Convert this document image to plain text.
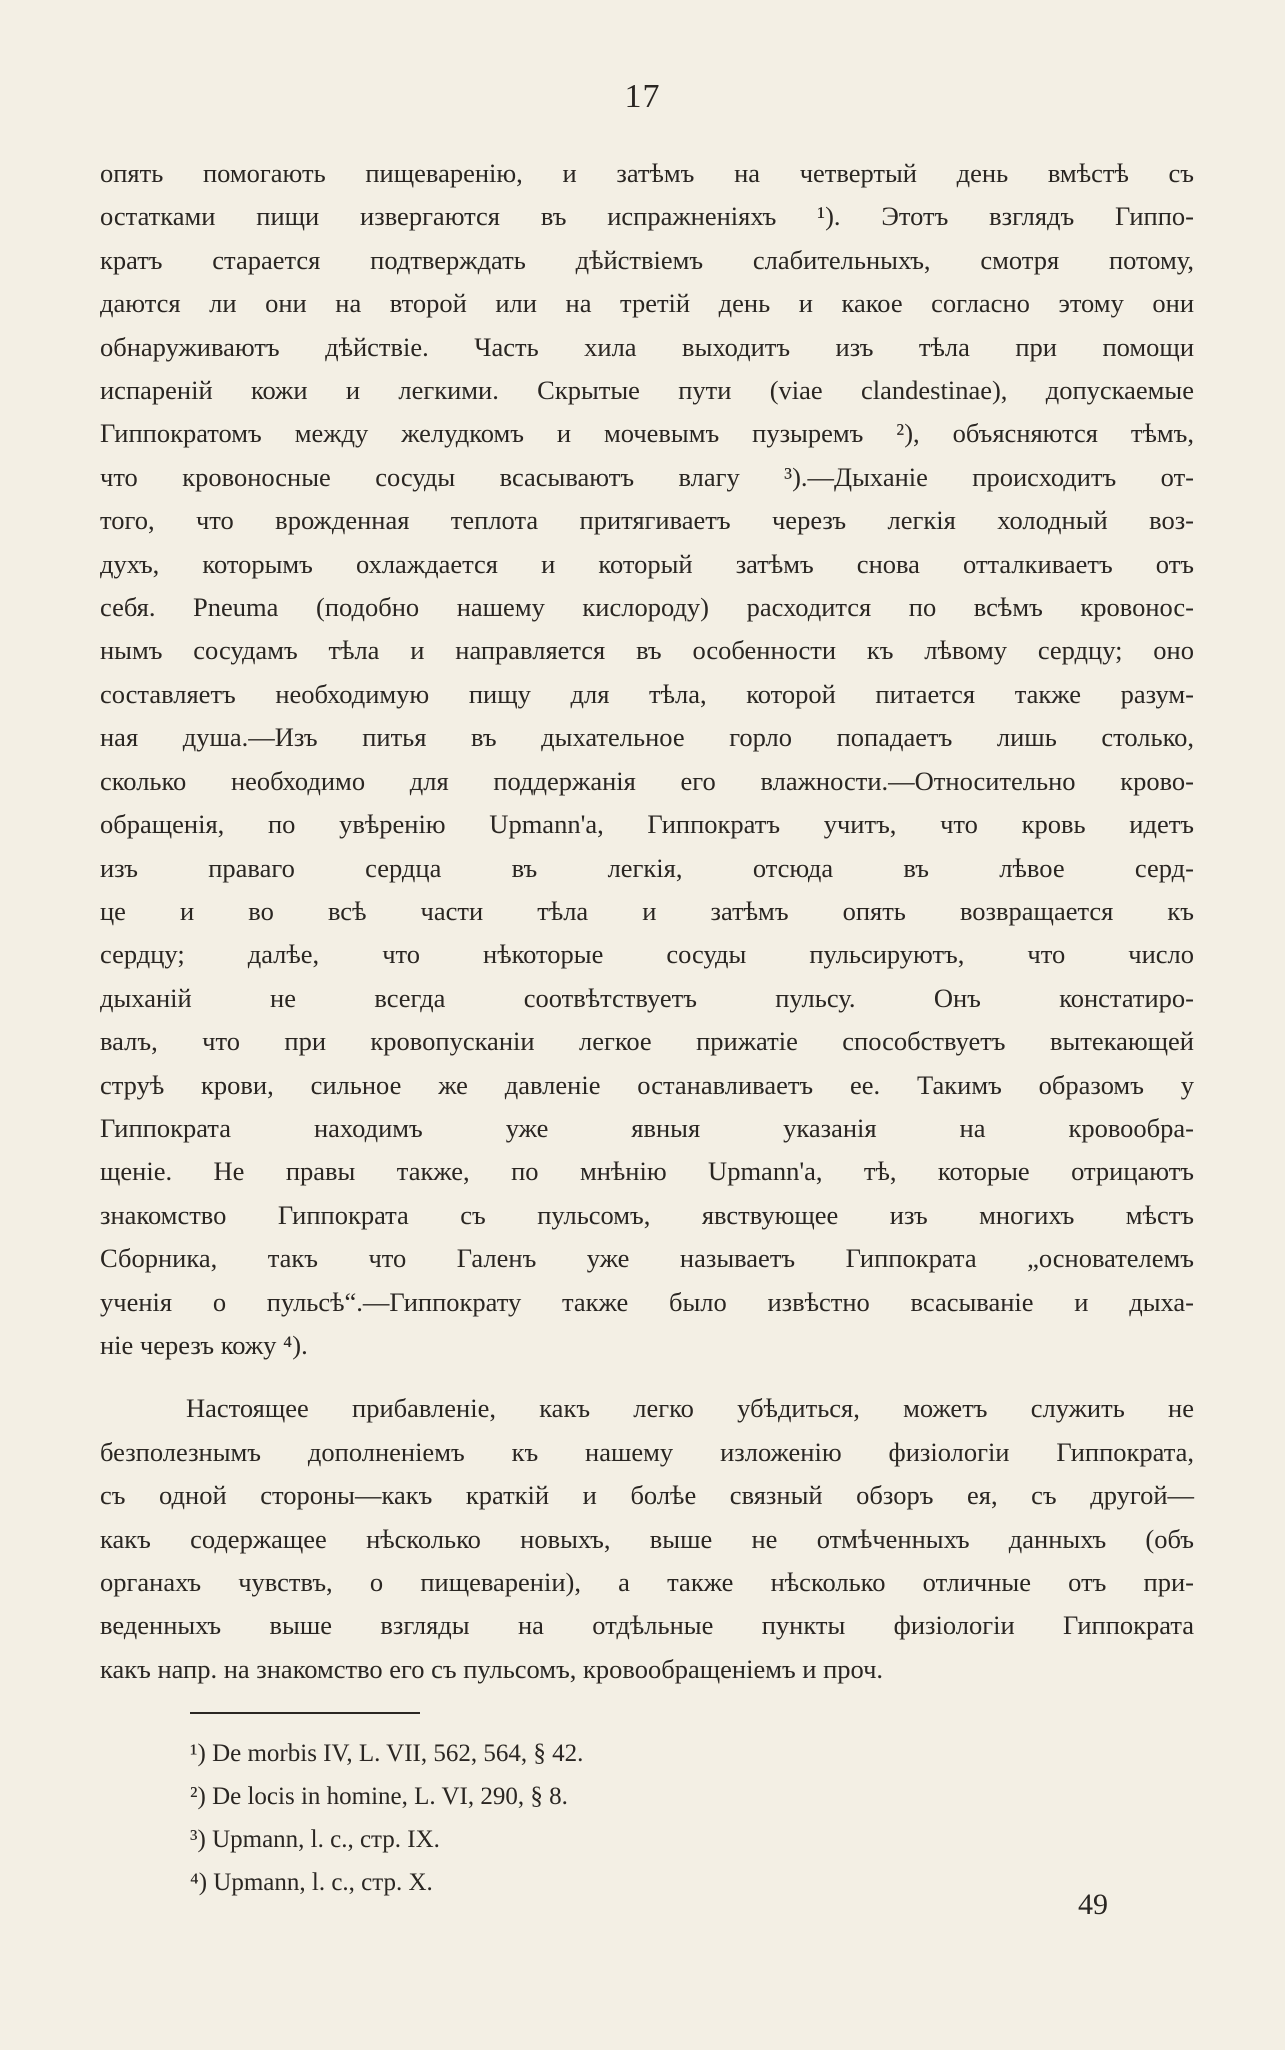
17

опять помогають пищеваренію, и затѣмъ на четвертый день вмѣстѣ съ
остатками пищи извергаются въ испражненіяхъ ¹). Этотъ взглядъ Гиппо-
кратъ старается подтверждать дѣйствіемъ слабительныхъ, смотря потому,
даются ли они на второй или на третій день и какое согласно этому они
обнаруживаютъ дѣйствіе. Часть хила выходитъ изъ тѣла при помощи
испареній кожи и легкими. Скрытые пути (viae clandestinae), допускаемые
Гиппократомъ между желудкомъ и мочевымъ пузыремъ ²), объясняются тѣмъ,
что кровоносные сосуды всасываютъ влагу ³).—Дыханіе происходитъ от-
того, что врожденная теплота притягиваетъ черезъ легкія холодный воз-
духъ, которымъ охлаждается и который затѣмъ снова отталкиваетъ отъ
себя. Pneuma (подобно нашему кислороду) расходится по всѣмъ кровонос-
нымъ сосудамъ тѣла и направляется въ особенности къ лѣвому сердцу; оно
составляетъ необходимую пищу для тѣла, которой питается также разум-
ная душа.—Изъ питья въ дыхательное горло попадаетъ лишь столько,
сколько необходимо для поддержанія его влажности.—Относительно крово-
обращенія, по увѣренію Upmann'a, Гиппократъ учитъ, что кровь идетъ
изъ праваго сердца въ легкія, отсюда въ лѣвое серд-
це и во всѣ части тѣла и затѣмъ опять возвращается къ
сердцу; далѣе, что нѣкоторые сосуды пульсируютъ, что число
дыханій не всегда соотвѣтствуетъ пульсу. Онъ констатиро-
валъ, что при кровопусканіи легкое прижатіе способствуетъ вытекающей
струѣ крови, сильное же давленіе останавливаетъ ее. Такимъ образомъ у
Гиппократа находимъ уже явныя указанія на кровообра-
щеніе. Не правы также, по мнѣнію Upmann'a, тѣ, которые отрицаютъ
знакомство Гиппократа съ пульсомъ, явствующее изъ многихъ мѣстъ
Сборника, такъ что Галенъ уже называетъ Гиппократа „основателемъ
ученія о пульсѣ“.—Гиппократу также было извѣстно всасываніе и дыха-
ніе черезъ кожу ⁴).

Настоящее прибавленіе, какъ легко убѣдиться, можетъ служить не
безполезнымъ дополненіемъ къ нашему изложенію физіологіи Гиппократа,
съ одной стороны—какъ краткій и болѣе связный обзоръ ея, съ другой—
какъ содержащее нѣсколько новыхъ, выше не отмѣченныхъ данныхъ (объ
органахъ чувствъ, о пищевареніи), а также нѣсколько отличные отъ при-
веденныхъ выше взгляды на отдѣльные пункты физіологіи Гиппократа
какъ напр. на знакомство его съ пульсомъ, кровообращеніемъ и проч.

¹) De morbis IV, L. VII, 562, 564, § 42.
²) De locis in homine, L. VI, 290, § 8.
³) Upmann, l. c., стр. IX.
⁴) Upmann, l. c., стр. X.
49
